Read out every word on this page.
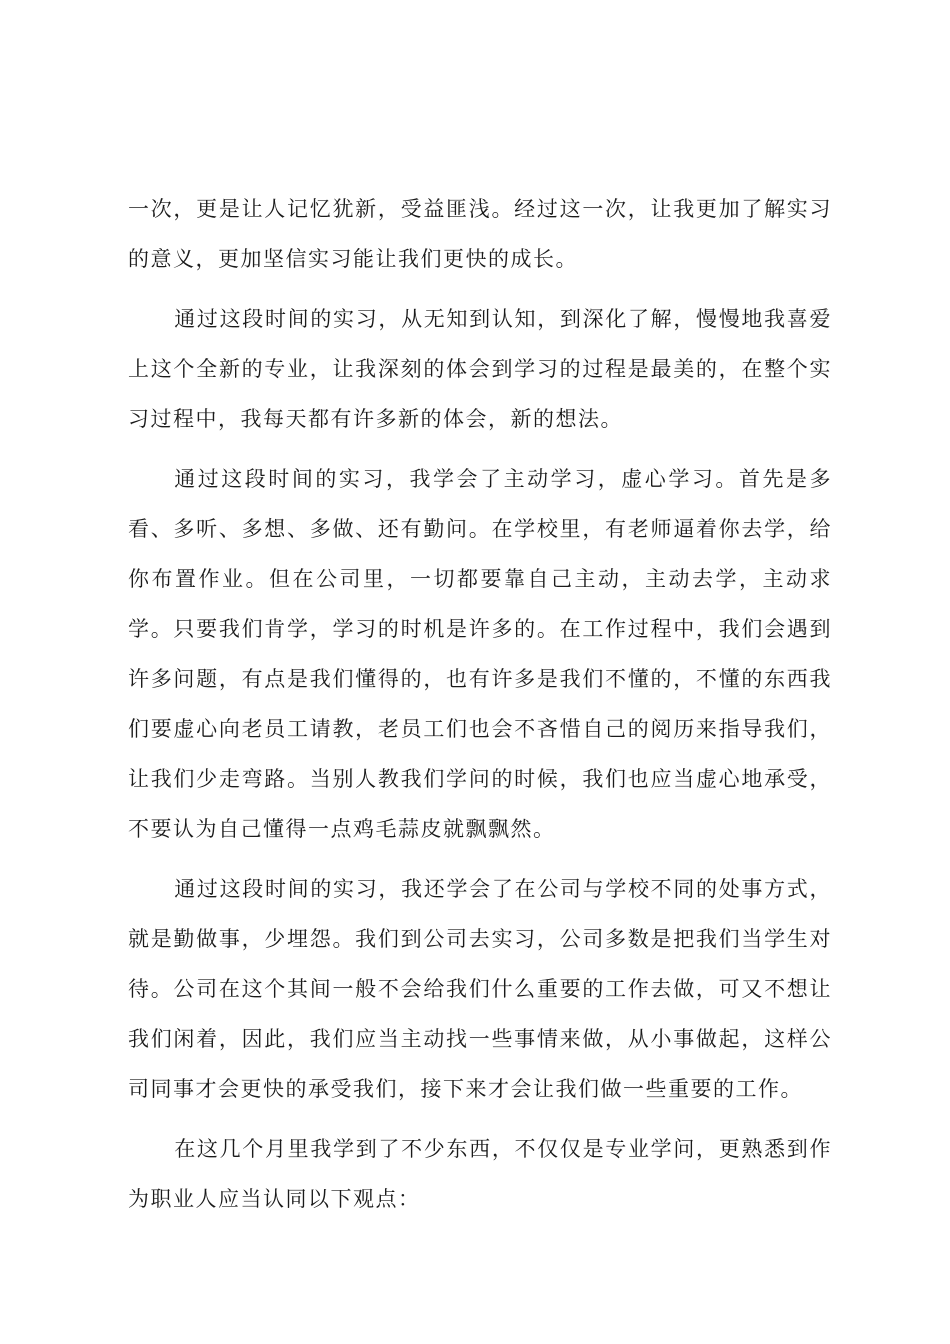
一次，更是让人记忆犹新，受益匪浅。经过这一次，让我更加了解实习的意义，更加坚信实习能让我们更快的成长。

通过这段时间的实习，从无知到认知，到深化了解，慢慢地我喜爱上这个全新的专业，让我深刻的体会到学习的过程是最美的，在整个实习过程中，我每天都有许多新的体会，新的想法。

通过这段时间的实习，我学会了主动学习，虚心学习。首先是多看、多听、多想、多做、还有勤问。在学校里，有老师逼着你去学，给你布置作业。但在公司里，一切都要靠自己主动，主动去学，主动求学。只要我们肯学，学习的时机是许多的。在工作过程中，我们会遇到许多问题，有点是我们懂得的，也有许多是我们不懂的，不懂的东西我们要虚心向老员工请教，老员工们也会不吝惜自己的阅历来指导我们，让我们少走弯路。当别人教我们学问的时候，我们也应当虚心地承受，不要认为自己懂得一点鸡毛蒜皮就飘飘然。

通过这段时间的实习，我还学会了在公司与学校不同的处事方式，就是勤做事，少埋怨。我们到公司去实习，公司多数是把我们当学生对待。公司在这个其间一般不会给我们什么重要的工作去做，可又不想让我们闲着，因此，我们应当主动找一些事情来做，从小事做起，这样公司同事才会更快的承受我们，接下来才会让我们做一些重要的工作。

在这几个月里我学到了不少东西，不仅仅是专业学问，更熟悉到作为职业人应当认同以下观点：
